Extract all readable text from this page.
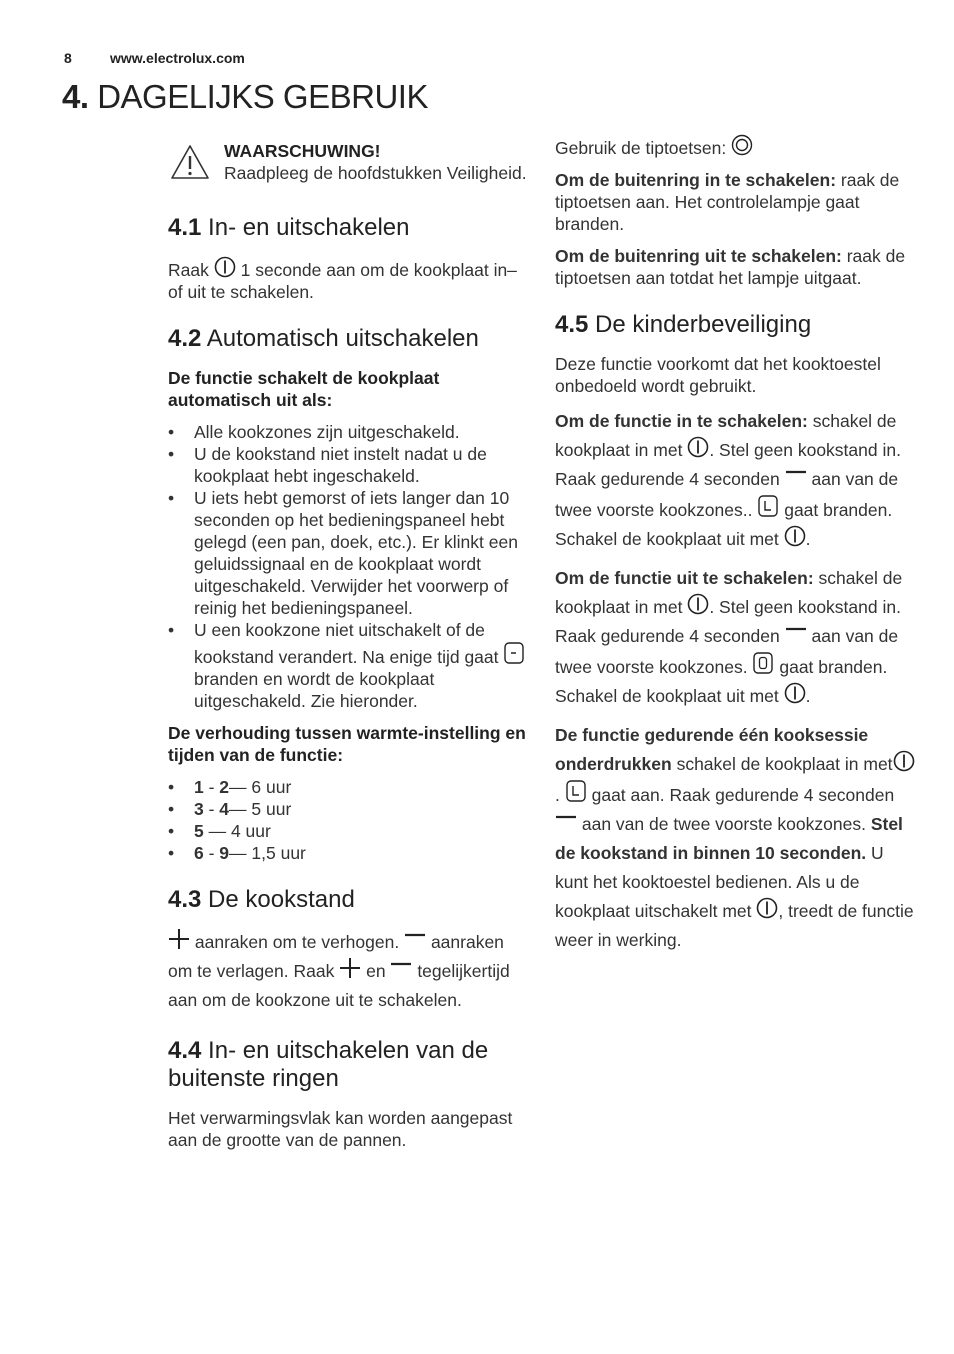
8	www.electrolux.com
4. DAGELIJKS GEBRUIK
WAARSCHUWING!
Raadpleeg de hoofdstukken Veiligheid.
4.1 In- en uitschakelen

Raak 1 seconde aan om de kookplaat in– of uit te schakelen.

4.2 Automatisch uitschakelen

De functie schakelt de kookplaat automatisch uit als:

• Alle kookzones zijn uitgeschakeld.
• U de kookstand niet instelt nadat u de kookplaat hebt ingeschakeld.
• U iets hebt gemorst of iets langer dan 10 seconden op het bedieningspaneel hebt gelegd (een pan, doek, etc.). Er klinkt een geluidssignaal en de kookplaat wordt uitgeschakeld. Verwijder het voorwerp of reinig het bedieningspaneel.
• U een kookzone niet uitschakelt of de kookstand verandert. Na enige tijd gaat  branden en wordt de kookplaat uitgeschakeld. Zie hieronder.

De verhouding tussen warmte-instelling en tijden van de functie:

• 1 - 2— 6 uur
• 3 - 4— 5 uur
• 5 — 4 uur
• 6 - 9— 1,5 uur
4.3 De kookstand

aanraken om te verhogen. aanraken om te verlagen. Raak en tegelijkertijd aan om de kookzone uit te schakelen.

4.4 In- en uitschakelen van de buitenste ringen

Het verwarmingsvlak kan worden aangepast aan de grootte van de pannen.

Gebruik de tiptoetsen:

Om de buitenring in te schakelen: raak de tiptoetsen aan. Het controlelampje gaat branden.

Om de buitenring uit te schakelen: raak de tiptoetsen aan totdat het lampje uitgaat.

4.5 De kinderbeveiliging

Deze functie voorkomt dat het kooktoestel onbedoeld wordt gebruikt.

Om de functie in te schakelen: schakel de kookplaat in met . Stel geen kookstand in. Raak gedurende 4 seconden aan van de twee voorste kookzones.. gaat branden. Schakel de kookplaat uit met .

Om de functie uit te schakelen: schakel de kookplaat in met . Stel geen kookstand in. Raak gedurende 4 seconden aan van de twee voorste kookzones. gaat branden. Schakel de kookplaat uit met .

De functie gedurende één kooksessie onderdrukken schakel de kookplaat in met.  gaat aan. Raak gedurende 4 seconden  aan van de twee voorste kookzones. Stel de kookstand in binnen 10 seconden. U kunt het kooktoestel bedienen. Als u de kookplaat uitschakelt met , treedt de functie weer in werking.
